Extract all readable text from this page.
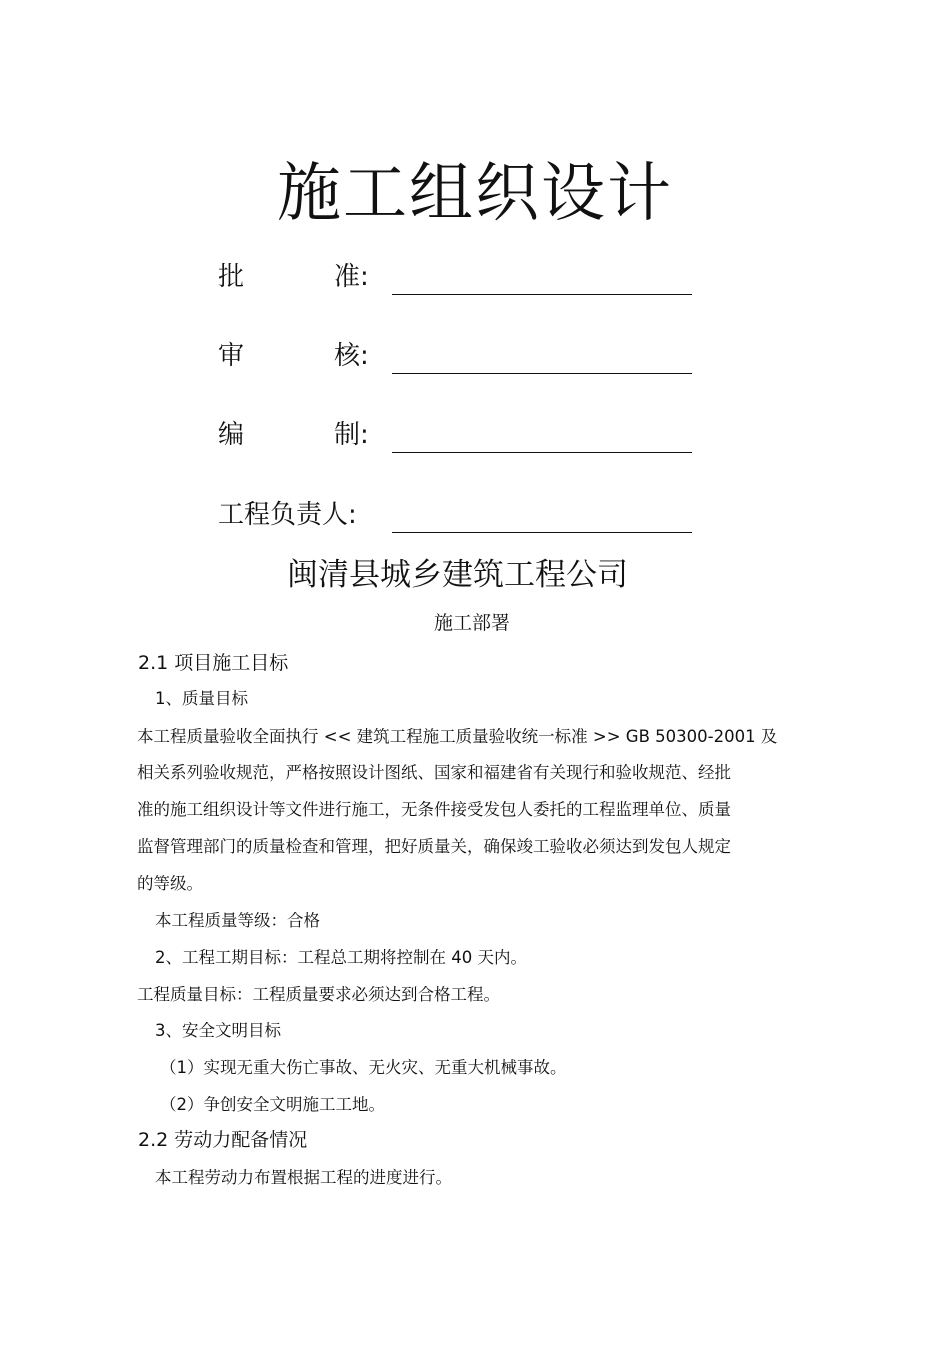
施工组织设计
批	准:
审	核:
编	制:
工程负责人:
闽清县城乡建筑工程公司
施工部署
2.1 项目施工目标
1、质量目标
本工程质量验收全面执行 << 建筑工程施工质量验收统一标准 >> GB 50300-2001 及
相关系列验收规范，严格按照设计图纸、国家和福建省有关现行和验收规范、经批
准的施工组织设计等文件进行施工，无条件接受发包人委托的工程监理单位、质量
监督管理部门的质量检查和管理，把好质量关，确保竣工验收必须达到发包人规定
的等级。
本工程质量等级：合格
2、工程工期目标：工程总工期将控制在 40 天内。
工程质量目标：工程质量要求必须达到合格工程。
3、安全文明目标
（1）实现无重大伤亡事故、无火灾、无重大机械事故。
（2）争创安全文明施工工地。
2.2 劳动力配备情况
本工程劳动力布置根据工程的进度进行。
